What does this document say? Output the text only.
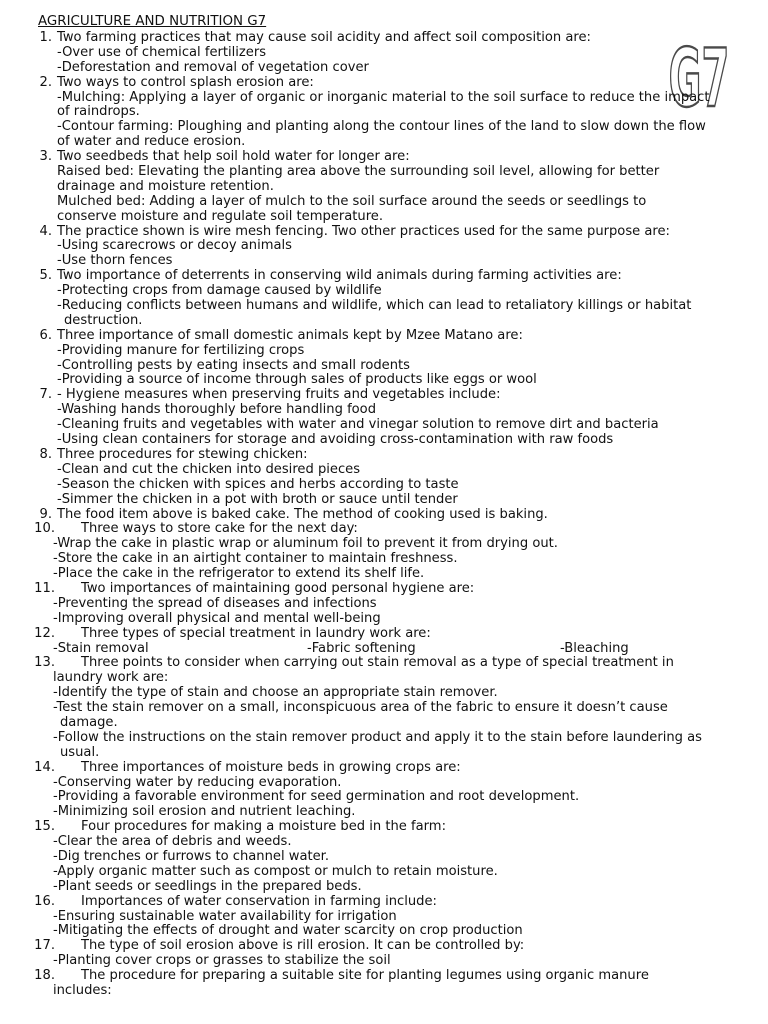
AGRICULTURE AND NUTRITION G7
G7
1. Two farming practices that may cause soil acidity and affect soil composition are:
-Over use of chemical fertilizers
-Deforestation and removal of vegetation cover
2. Two ways to control splash erosion are:
-Mulching: Applying a layer of organic or inorganic material to the soil surface to reduce the impact
of raindrops.
-Contour farming: Ploughing and planting along the contour lines of the land to slow down the flow
of water and reduce erosion.
3. Two seedbeds that help soil hold water for longer are:
Raised bed: Elevating the planting area above the surrounding soil level, allowing for better
drainage and moisture retention.
Mulched bed: Adding a layer of mulch to the soil surface around the seeds or seedlings to
conserve moisture and regulate soil temperature.
4. The practice shown is wire mesh fencing. Two other practices used for the same purpose are:
-Using scarecrows or decoy animals
-Use thorn fences
5. Two importance of deterrents in conserving wild animals during farming activities are:
-Protecting crops from damage caused by wildlife
-Reducing conflicts between humans and wildlife, which can lead to retaliatory killings or habitat
destruction.
6. Three importance of small domestic animals kept by Mzee Matano are:
-Providing manure for fertilizing crops
-Controlling pests by eating insects and small rodents
-Providing a source of income through sales of products like eggs or wool
7. - Hygiene measures when preserving fruits and vegetables include:
-Washing hands thoroughly before handling food
-Cleaning fruits and vegetables with water and vinegar solution to remove dirt and bacteria
-Using clean containers for storage and avoiding cross-contamination with raw foods
8. Three procedures for stewing chicken:
-Clean and cut the chicken into desired pieces
-Season the chicken with spices and herbs according to taste
-Simmer the chicken in a pot with broth or sauce until tender
9. The food item above is baked cake. The method of cooking used is baking.
10. Three ways to store cake for the next day:
-Wrap the cake in plastic wrap or aluminum foil to prevent it from drying out.
-Store the cake in an airtight container to maintain freshness.
-Place the cake in the refrigerator to extend its shelf life.
11. Two importances of maintaining good personal hygiene are:
-Preventing the spread of diseases and infections
-Improving overall physical and mental well-being
12. Three types of special treatment in laundry work are:
-Stain removal	-Fabric softening	-Bleaching
13. Three points to consider when carrying out stain removal as a type of special treatment in
laundry work are:
-Identify the type of stain and choose an appropriate stain remover.
-Test the stain remover on a small, inconspicuous area of the fabric to ensure it doesn’t cause
damage.
-Follow the instructions on the stain remover product and apply it to the stain before laundering as
usual.
14. Three importances of moisture beds in growing crops are:
-Conserving water by reducing evaporation.
-Providing a favorable environment for seed germination and root development.
-Minimizing soil erosion and nutrient leaching.
15. Four procedures for making a moisture bed in the farm:
-Clear the area of debris and weeds.
-Dig trenches or furrows to channel water.
-Apply organic matter such as compost or mulch to retain moisture.
-Plant seeds or seedlings in the prepared beds.
16. Importances of water conservation in farming include:
-Ensuring sustainable water availability for irrigation
-Mitigating the effects of drought and water scarcity on crop production
17. The type of soil erosion above is rill erosion. It can be controlled by:
-Planting cover crops or grasses to stabilize the soil
18. The procedure for preparing a suitable site for planting legumes using organic manure
includes:
